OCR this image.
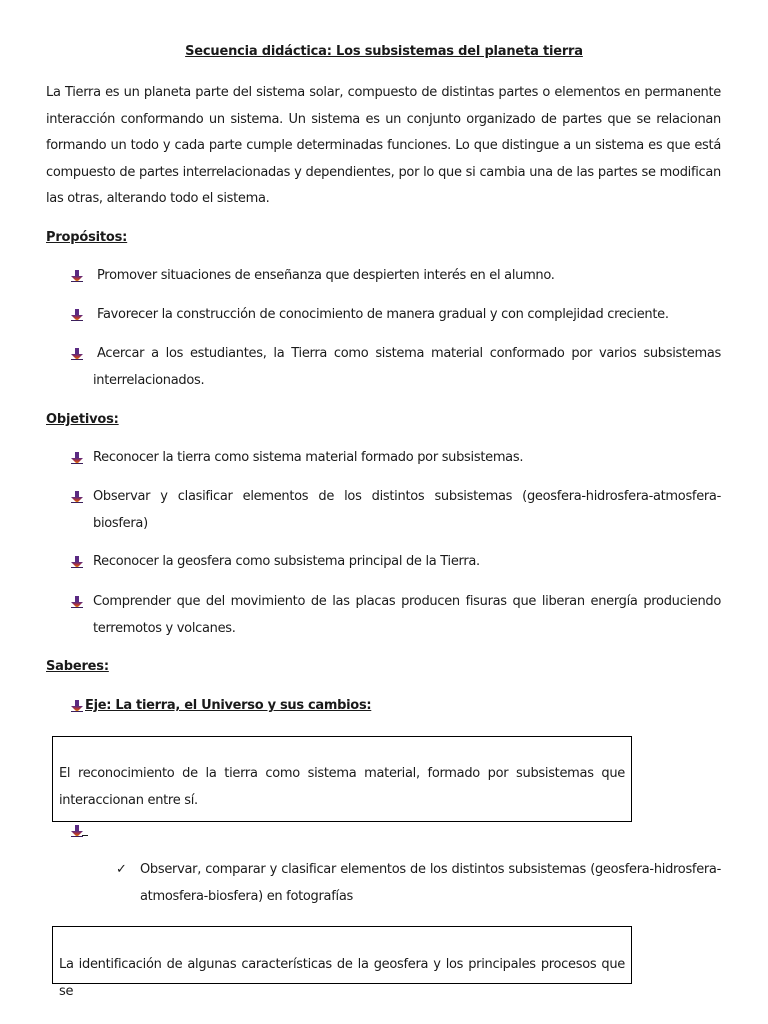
Secuencia didáctica: Los subsistemas del planeta tierra
La Tierra es un planeta parte del sistema solar, compuesto de distintas partes o elementos en permanente interacción conformando un sistema. Un sistema es un conjunto organizado de partes que se relacionan formando un todo y cada parte cumple determinadas funciones. Lo que distingue a un sistema es que está compuesto de partes interrelacionadas y dependientes, por lo que si cambia una de las partes se modifican las otras, alterando todo el sistema.
Propósitos:
Promover situaciones de enseñanza que despierten interés en el alumno.
Favorecer la construcción de conocimiento de manera gradual y con complejidad creciente.
Acercar a los estudiantes, la Tierra como sistema material conformado por varios subsistemas interrelacionados.
Objetivos:
Reconocer la tierra como sistema material formado por subsistemas.
Observar y clasificar elementos de los distintos subsistemas (geosfera-hidrosfera-atmosfera-biosfera)
Reconocer la geosfera como subsistema principal de la Tierra.
Comprender que del movimiento de las placas producen fisuras que liberan energía produciendo terremotos y volcanes.
Saberes:
Eje: La tierra, el Universo y sus cambios:
El reconocimiento de la tierra como sistema material, formado por subsistemas que interaccionan entre sí.
✓ Observar, comparar y clasificar elementos de los distintos subsistemas (geosfera-hidrosfera-atmosfera-biosfera) en fotografías
La identificación de algunas características de la geosfera y los principales procesos que se
